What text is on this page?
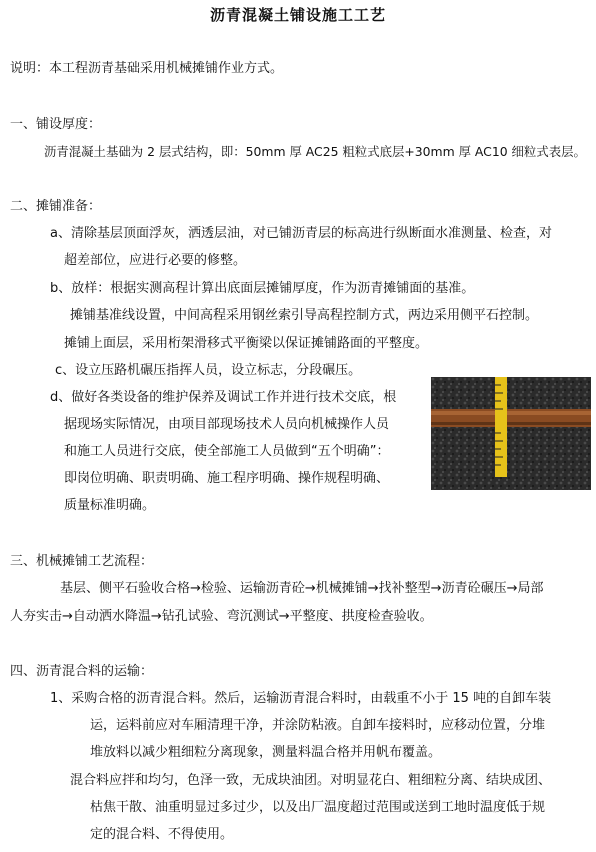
沥青混凝土铺设施工工艺
说明：本工程沥青基础采用机械摊铺作业方式。
一、铺设厚度：
沥青混凝土基础为 2 层式结构，即：50mm 厚 AC25 粗粒式底层+30mm 厚 AC10 细粒式表层。
二、摊铺准备：
a、清除基层顶面浮灰，洒透层油，对已铺沥青层的标高进行纵断面水准测量、检查，对
超差部位，应进行必要的修整。
b、放样：根据实测高程计算出底面层摊铺厚度，作为沥青摊铺面的基准。
摊铺基准线设置，中间高程采用钢丝索引导高程控制方式，两边采用侧平石控制。
摊铺上面层，采用桁架滑移式平衡梁以保证摊铺路面的平整度。
c、设立压路机碾压指挥人员，设立标志，分段碾压。
d、做好各类设备的维护保养及调试工作并进行技术交底，根
据现场实际情况，由项目部现场技术人员向机械操作人员
和施工人员进行交底，使全部施工人员做到“五个明确”：
即岗位明确、职责明确、施工程序明确、操作规程明确、
质量标准明确。
三、机械摊铺工艺流程：
基层、侧平石验收合格→检验、运输沥青砼→机械摊铺→找补整型→沥青砼碾压→局部
人夯实击→自动洒水降温→钻孔试验、弯沉测试→平整度、拱度检查验收。
四、沥青混合料的运输：
1、采购合格的沥青混合料。然后，运输沥青混合料时，由载重不小于 15 吨的自卸车装
运，运料前应对车厢清理干净，并涂防粘液。自卸车接料时，应移动位置，分堆
堆放料以减少粗细粒分离现象，测量料温合格并用帆布覆盖。
混合料应拌和均匀，色泽一致，无成块油团。对明显花白、粗细粒分离、结块成团、
枯焦干散、油重明显过多过少，以及出厂温度超过范围或送到工地时温度低于规
定的混合料、不得使用。
